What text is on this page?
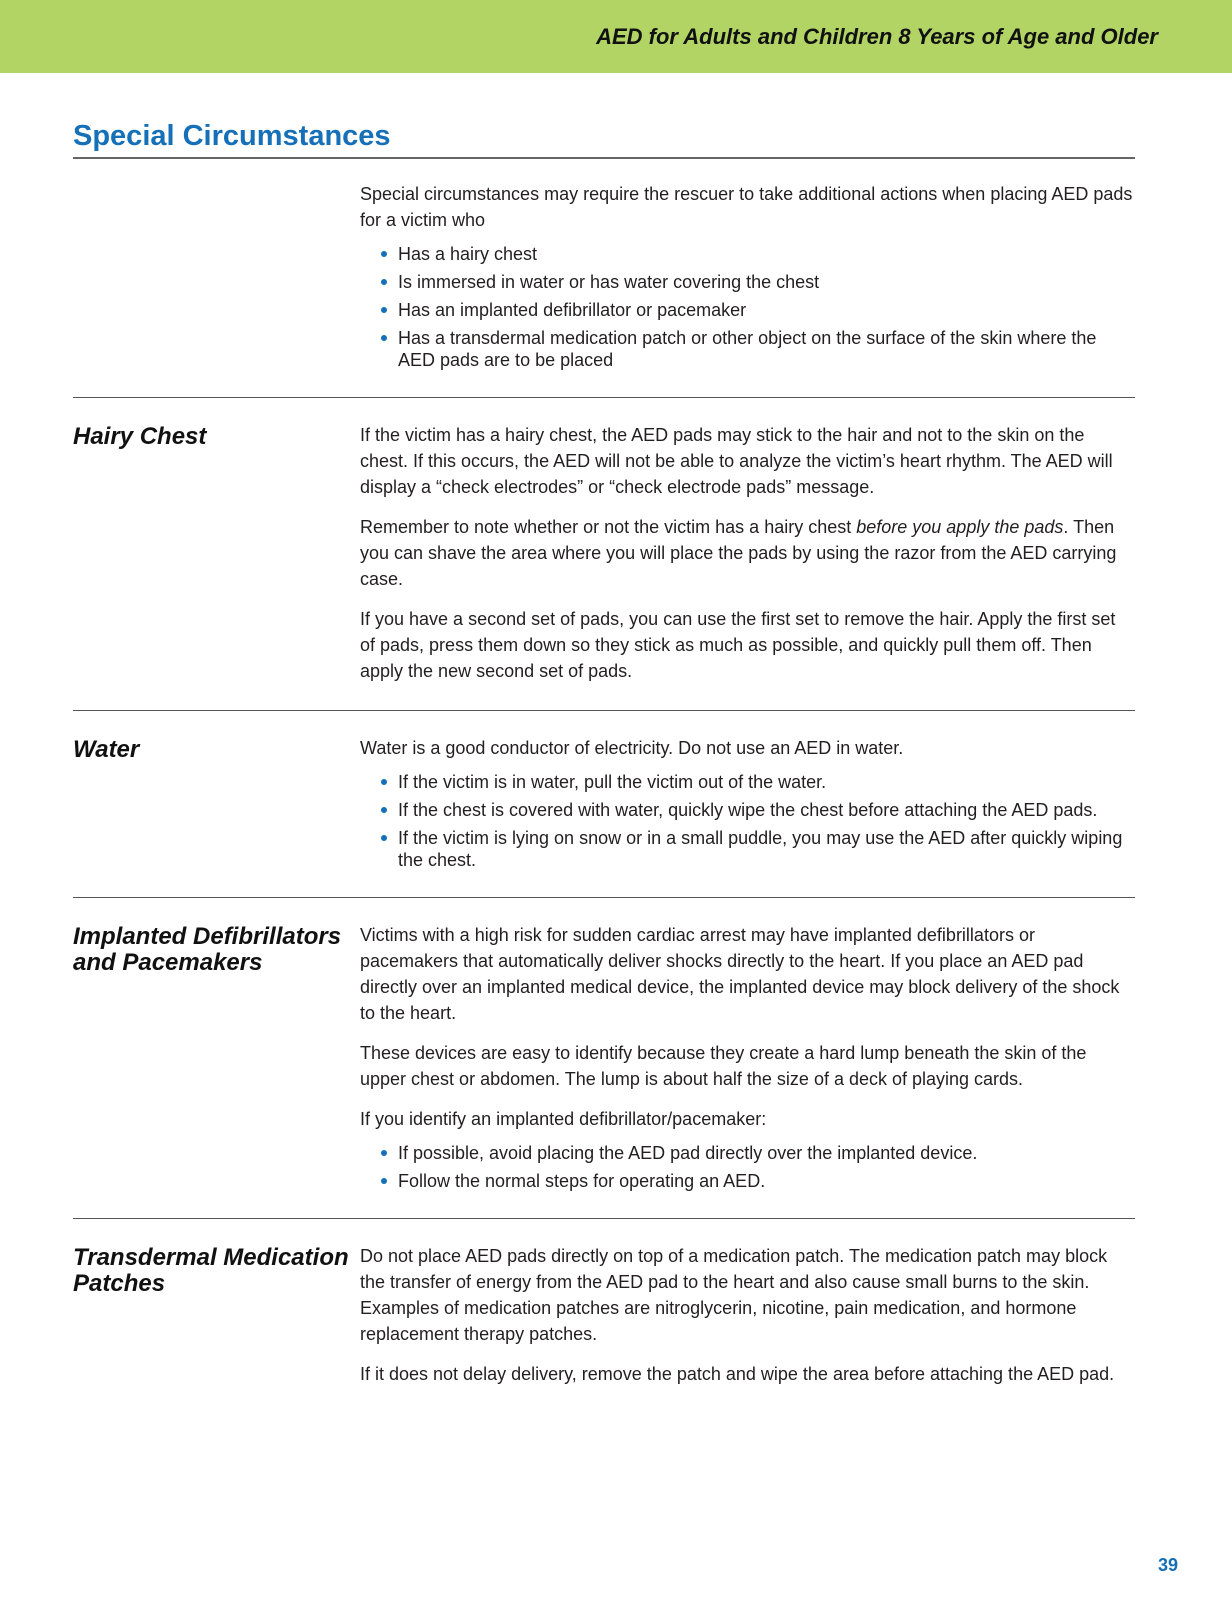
AED for Adults and Children 8 Years of Age and Older
Special Circumstances

Special circumstances may require the rescuer to take additional actions when placing AED pads for a victim who

Has a hairy chest
Is immersed in water or has water covering the chest
Has an implanted defibrillator or pacemaker
Has a transdermal medication patch or other object on the surface of the skin where the AED pads are to be placed
Hairy Chest	If the victim has a hairy chest, the AED pads may stick to the hair and not to the skin on the chest. If this occurs, the AED will not be able to analyze the victim’s heart rhythm. The AED will display a “check electrodes” or “check electrode pads” message.

Remember to note whether or not the victim has a hairy chest before you apply the pads. Then you can shave the area where you will place the pads by using the razor from the AED carrying case.

If you have a second set of pads, you can use the first set to remove the hair. Apply the first set of pads, press them down so they stick as much as possible, and quickly pull them off. Then apply the new second set of pads.

Water	Water is a good conductor of electricity. Do not use an AED in water.

If the victim is in water, pull the victim out of the water.
If the chest is covered with water, quickly wipe the chest before attaching the AED pads.
If the victim is lying on snow or in a small puddle, you may use the AED after quickly wiping the chest.
Implanted Defibrillators and Pacemakers

Victims with a high risk for sudden cardiac arrest may have implanted defibrillators or pacemakers that automatically deliver shocks directly to the heart. If you place an AED pad directly over an implanted medical device, the implanted device may block delivery of the shock to the heart.

These devices are easy to identify because they create a hard lump beneath the skin of the upper chest or abdomen. The lump is about half the size of a deck of playing cards.

If you identify an implanted defibrillator/pacemaker:

If possible, avoid placing the AED pad directly over the implanted device.
Follow the normal steps for operating an AED.
Transdermal Medication Patches

Do not place AED pads directly on top of a medication patch. The medication patch may block the transfer of energy from the AED pad to the heart and also cause small burns to the skin. Examples of medication patches are nitroglycerin, nicotine, pain medication, and hormone replacement therapy patches.

If it does not delay delivery, remove the patch and wipe the area before attaching the AED pad.

39
